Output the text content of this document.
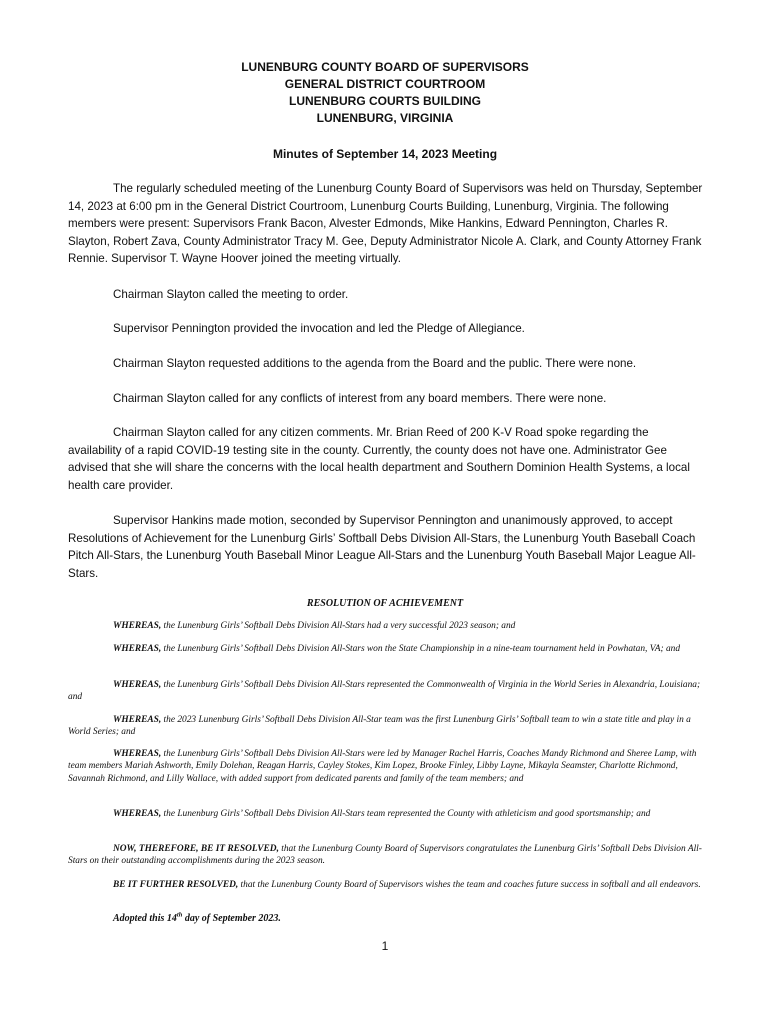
LUNENBURG COUNTY BOARD OF SUPERVISORS
GENERAL DISTRICT COURTROOM
LUNENBURG COURTS BUILDING
LUNENBURG, VIRGINIA
Minutes of September 14, 2023 Meeting
The regularly scheduled meeting of the Lunenburg County Board of Supervisors was held on Thursday, September 14, 2023 at 6:00 pm in the General District Courtroom, Lunenburg Courts Building, Lunenburg, Virginia. The following members were present: Supervisors Frank Bacon, Alvester Edmonds, Mike Hankins, Edward Pennington, Charles R. Slayton, Robert Zava, County Administrator Tracy M. Gee, Deputy Administrator Nicole A. Clark, and County Attorney Frank Rennie. Supervisor T. Wayne Hoover joined the meeting virtually.
Chairman Slayton called the meeting to order.
Supervisor Pennington provided the invocation and led the Pledge of Allegiance.
Chairman Slayton requested additions to the agenda from the Board and the public. There were none.
Chairman Slayton called for any conflicts of interest from any board members. There were none.
Chairman Slayton called for any citizen comments. Mr. Brian Reed of 200 K-V Road spoke regarding the availability of a rapid COVID-19 testing site in the county. Currently, the county does not have one. Administrator Gee advised that she will share the concerns with the local health department and Southern Dominion Health Systems, a local health care provider.
Supervisor Hankins made motion, seconded by Supervisor Pennington and unanimously approved, to accept Resolutions of Achievement for the Lunenburg Girls’ Softball Debs Division All-Stars, the Lunenburg Youth Baseball Coach Pitch All-Stars, the Lunenburg Youth Baseball Minor League All-Stars and the Lunenburg Youth Baseball Major League All-Stars.
RESOLUTION OF ACHIEVEMENT
WHEREAS, the Lunenburg Girls’ Softball Debs Division All-Stars had a very successful 2023 season; and
WHEREAS, the Lunenburg Girls’ Softball Debs Division All-Stars won the State Championship in a nine-team tournament held in Powhatan, VA; and
WHEREAS, the Lunenburg Girls’ Softball Debs Division All-Stars represented the Commonwealth of Virginia in the World Series in Alexandria, Louisiana; and
WHEREAS, the 2023 Lunenburg Girls’ Softball Debs Division All-Star team was the first Lunenburg Girls’ Softball team to win a state title and play in a World Series; and
WHEREAS, the Lunenburg Girls’ Softball Debs Division All-Stars were led by Manager Rachel Harris, Coaches Mandy Richmond and Sheree Lamp, with team members Mariah Ashworth, Emily Dolehan, Reagan Harris, Cayley Stokes, Kim Lopez, Brooke Finley, Libby Layne, Mikayla Seamster, Charlotte Richmond, Savannah Richmond, and Lilly Wallace, with added support from dedicated parents and family of the team members; and
WHEREAS, the Lunenburg Girls’ Softball Debs Division All-Stars team represented the County with athleticism and good sportsmanship; and
NOW, THEREFORE, BE IT RESOLVED, that the Lunenburg County Board of Supervisors congratulates the Lunenburg Girls’ Softball Debs Division All-Stars on their outstanding accomplishments during the 2023 season.
BE IT FURTHER RESOLVED, that the Lunenburg County Board of Supervisors wishes the team and coaches future success in softball and all endeavors.
Adopted this 14th day of September 2023.
1
